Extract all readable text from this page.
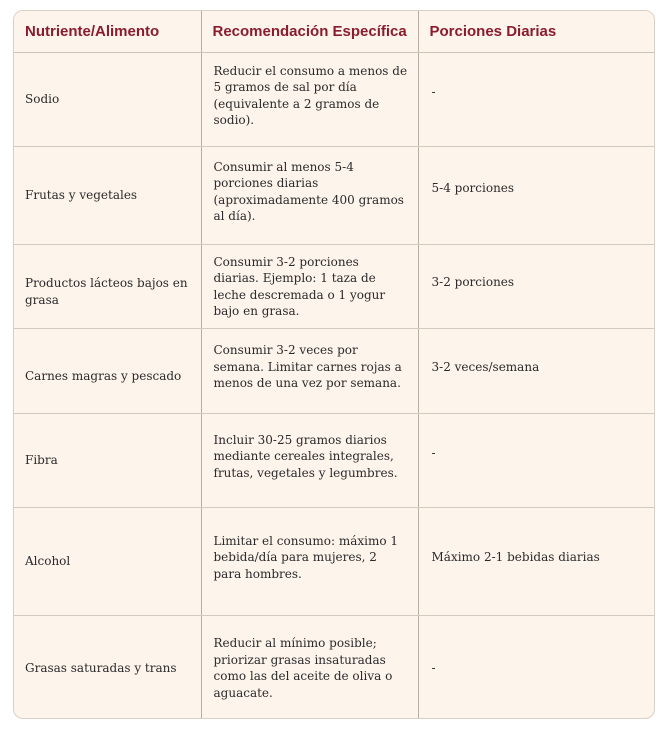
Nutriente/Alimento	Recomendación Específica	Porciones Diarias
Sodio	Reducir el consumo a menos de 5 gramos de sal por día (equivalente a 2 gramos de sodio).	-
Frutas y vegetales	Consumir al menos 5-4 porciones diarias (aproximadamente 400 gramos al día).	5-4 porciones
Productos lácteos bajos en grasa	Consumir 3-2 porciones diarias. Ejemplo: 1 taza de leche descremada o 1 yogur bajo en grasa.	3-2 porciones
Carnes magras y pescado	Consumir 3-2 veces por semana. Limitar carnes rojas a menos de una vez por semana.	3-2 veces/semana
Fibra	Incluir 30-25 gramos diarios mediante cereales integrales, frutas, vegetales y legumbres.	-
Alcohol	Limitar el consumo: máximo 1 bebida/día para mujeres, 2 para hombres.	Máximo 2-1 bebidas diarias
Grasas saturadas y trans	Reducir al mínimo posible; priorizar grasas insaturadas como las del aceite de oliva o aguacate.	-
